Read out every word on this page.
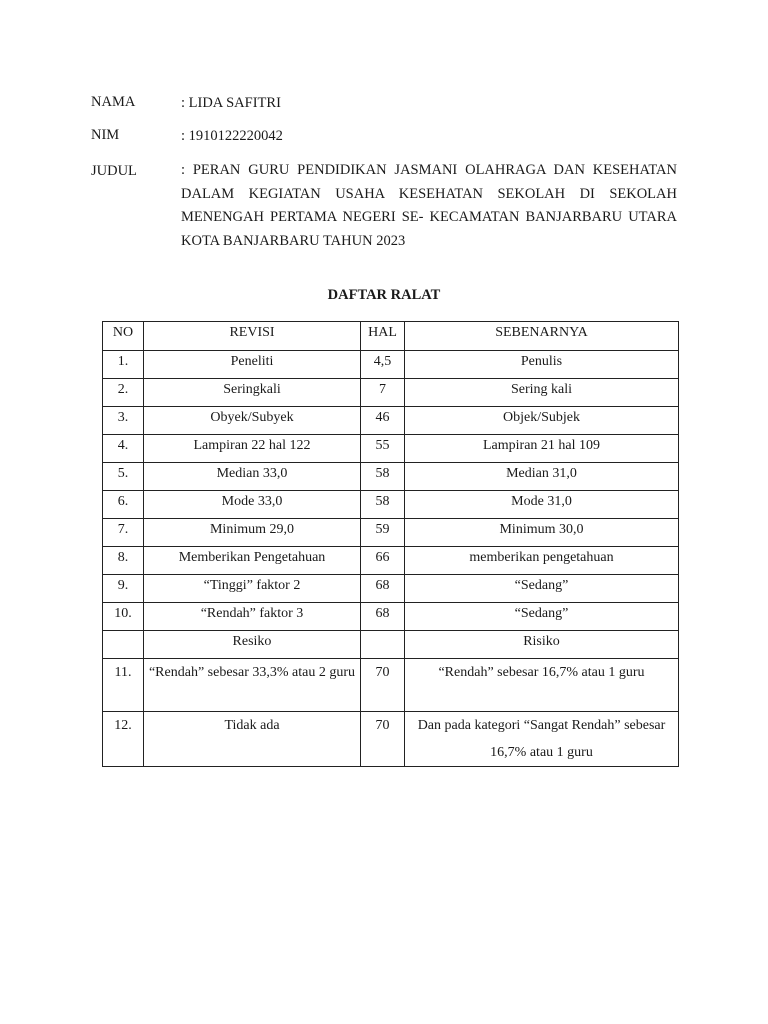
NAMA	: LIDA SAFITRI
NIM	: 1910122220042
JUDUL	: PERAN GURU PENDIDIKAN JASMANI OLAHRAGA DAN KESEHATAN DALAM KEGIATAN USAHA KESEHATAN SEKOLAH DI SEKOLAH MENENGAH PERTAMA NEGERI SE- KECAMATAN BANJARBARU UTARA KOTA BANJARBARU TAHUN 2023
DAFTAR RALAT
NO	REVISI	HAL	SEBENARNYA
1.	Peneliti	4,5	Penulis
2.	Seringkali	7	Sering kali
3.	Obyek/Subyek	46	Objek/Subjek
4.	Lampiran 22 hal 122	55	Lampiran 21 hal 109
5.	Median 33,0	58	Median 31,0
6.	Mode 33,0	58	Mode 31,0
7.	Minimum 29,0	59	Minimum 30,0
8.	Memberikan Pengetahuan	66	memberikan pengetahuan
9.	“Tinggi” faktor 2	68	“Sedang”
10.	“Rendah” faktor 3	68	“Sedang”
	Resiko		Risiko
11.	“Rendah” sebesar 33,3% atau 2 guru	70	“Rendah” sebesar 16,7% atau 1 guru
12.	Tidak ada	70	Dan pada kategori “Sangat Rendah” sebesar 16,7% atau 1 guru
